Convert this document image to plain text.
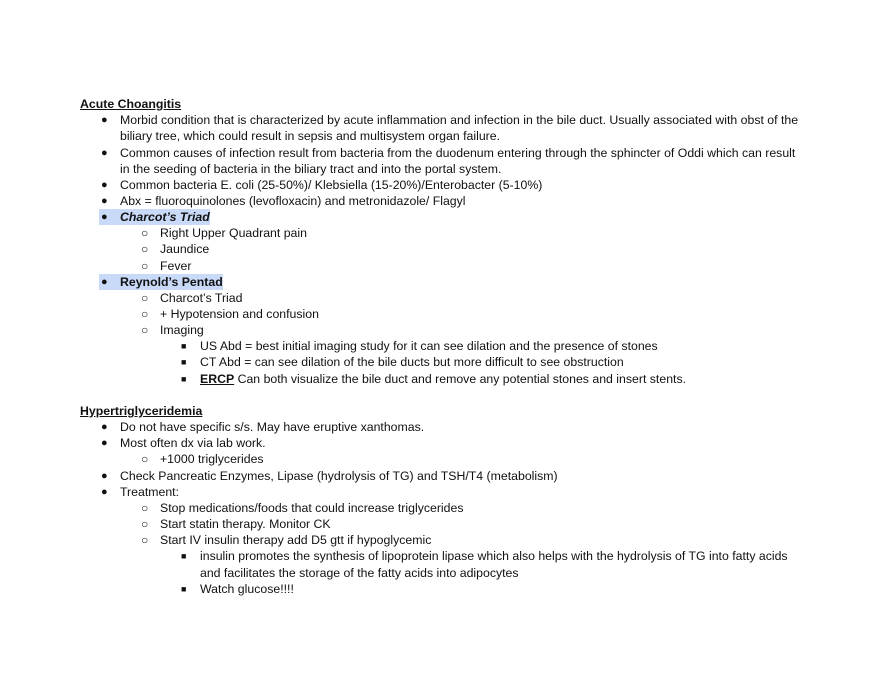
Acute Choangitis
● Morbid condition that is characterized by acute inflammation and infection in the bile duct. Usually associated with obst of the
biliary tree, which could result in sepsis and multisystem organ failure.
● Common causes of infection result from bacteria from the duodenum entering through the sphincter of Oddi which can result
in the seeding of bacteria in the biliary tract and into the portal system.
● Common bacteria E. coli (25-50%)/ Klebsiella (15-20%)/Enterobacter (5-10%)
● Abx = fluoroquinolones (levofloxacin) and metronidazole/ Flagyl
● Charcot’s Triad
○ Right Upper Quadrant pain
○ Jaundice
○ Fever
● Reynold’s Pentad
○ Charcot’s Triad
○ + Hypotension and confusion
○ Imaging
■ US Abd = best initial imaging study for it can see dilation and the presence of stones
■ CT Abd = can see dilation of the bile ducts but more difficult to see obstruction
■ ERCP Can both visualize the bile duct and remove any potential stones and insert stents.
Hypertriglyceridemia
● Do not have specific s/s. May have eruptive xanthomas.
● Most often dx via lab work.
○ +1000 triglycerides
● Check Pancreatic Enzymes, Lipase (hydrolysis of TG) and TSH/T4 (metabolism)
● Treatment:
○ Stop medications/foods that could increase triglycerides
○ Start statin therapy. Monitor CK
○ Start IV insulin therapy add D5 gtt if hypoglycemic
■ insulin promotes the synthesis of lipoprotein lipase which also helps with the hydrolysis of TG into fatty acids
and facilitates the storage of the fatty acids into adipocytes
■ Watch glucose!!!!
